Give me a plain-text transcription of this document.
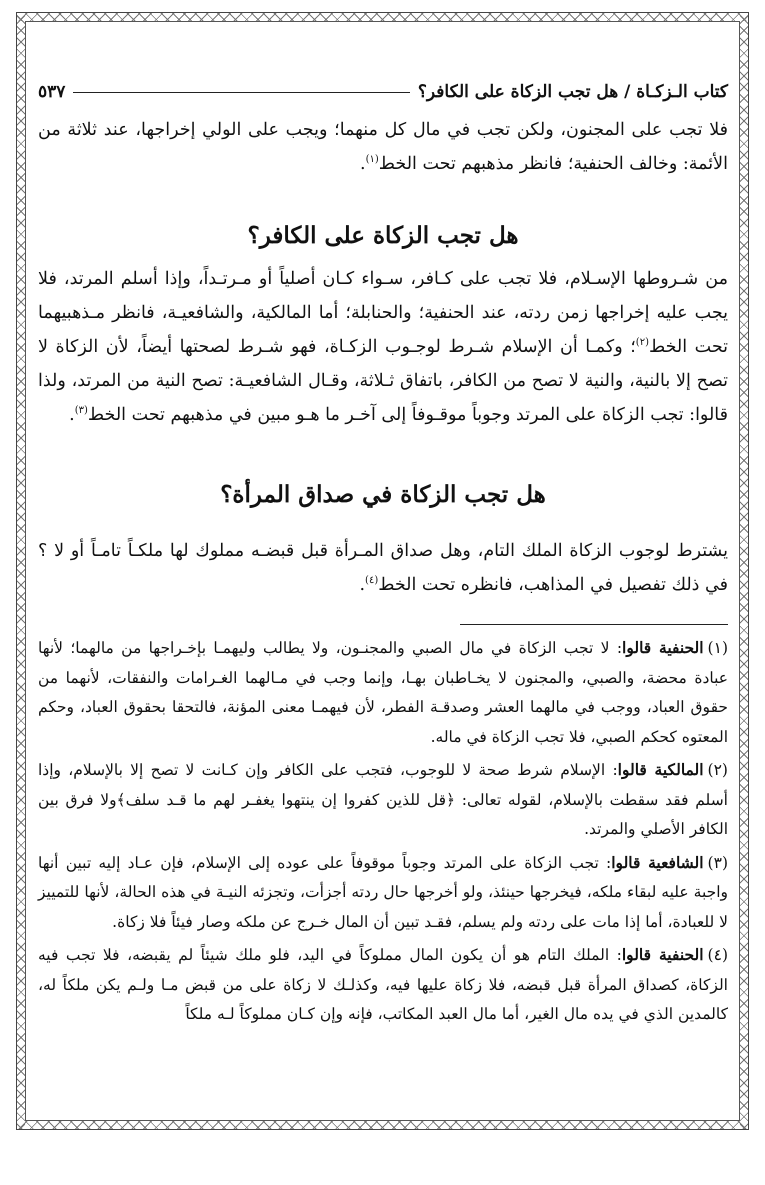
كتاب الـزكـاة / هل تجب الزكاة على الكافر؟
٥٣٧

فلا تجب على المجنون، ولكن تجب في مال كل منهما؛ ويجب على الولي إخراجها، عند ثلاثة من الأئمة: وخالف الحنفية؛ فانظر مذهبهم تحت الخط$^{(١)}$.

هل تجب الزكاة على الكافر؟

من شـروطها الإسـلام، فلا تجب على كـافر، سـواء كـان أصلياً أو مـرتـداً، وإذا أسلم المرتد، فلا يجب عليه إخراجها زمن ردته، عند الحنفية؛ والحنابلة؛ أما المالكية، والشافعيـة، فانظر مـذهبيهما تحت الخط$^{(٢)}$؛ وكمـا أن الإسلام شـرط لوجـوب الزكـاة، فهو شـرط لصحتها أيضاً، لأن الزكاة لا تصح إلا بالنية، والنية لا تصح من الكافر، باتفاق ثـلاثة، وقـال الشافعيـة: تصح النية من المرتد، ولذا قالوا: تجب الزكاة على المرتد وجوباً موقـوفاً إلى آخـر ما هـو مبين في مذهبهم تحت الخط$^{(٣)}$.

هل تجب الزكاة في صداق المرأة؟

يشترط لوجوب الزكاة الملك التام، وهل صداق المـرأة قبل قبضـه مملوك لها ملكـاً تامـاً أو لا ؟ في ذلك تفصيل في المذاهب، فانظره تحت الخط$^{(٤)}$.

(١)الحنفية قالوا: لا تجب الزكاة في مال الصبي والمجنـون، ولا يطالب وليهمـا بإخـراجها من مالهما؛ لأنها عبادة محضة، والصبي، والمجنون لا يخـاطبان بهـا، وإنما وجب في مـالهما الغـرامات والنفقات، لأنهما من حقوق العباد، ووجب في مالهما العشر وصدقـة الفطر، لأن فيهمـا معنى المؤنة، فالتحقا بحقوق العباد، وحكم المعتوه كحكم الصبي، فلا تجب الزكاة في ماله.

(٢)المالكية قالوا: الإسلام شرط صحة لا للوجوب، فتجب على الكافر وإن كـانت لا تصح إلا بالإسلام، وإذا أسلم فقد سقطت بالإسلام، لقوله تعالى: ﴿قل للذين كفروا إن ينتهوا يغفـر لهم ما قـد سلف﴾ولا فرق بين الكافر الأصلي والمرتد.

(٣)الشافعية قالوا: تجب الزكاة على المرتد وجوباً موقوفاً على عوده إلى الإسلام، فإن عـاد إليه تبين أنها واجبة عليه لبقاء ملكه، فيخرجها حينئذ، ولو أخرجها حال ردته أجزأت، وتجزئه النيـة في هذه الحالة، لأنها للتمييز لا للعبادة، أما إذا مات على ردته ولم يسلم، فقـد تبين أن المال خـرج عن ملكه وصار فيئاً فلا زكاة.

(٤)الحنفية قالوا: الملك التام هو أن يكون المال مملوكاً في اليد، فلو ملك شيئاً لم يقبضه، فلا تجب فيه الزكاة، كصداق المرأة قبل قبضه، فلا زكاة عليها فيه، وكذلـك لا زكاة على من قبض مـا ولـم يكن ملكاً له، كالمدين الذي في يده مال الغير، أما مال العبد المكاتب، فإنه وإن كـان مملوكاً لـه ملكاً
